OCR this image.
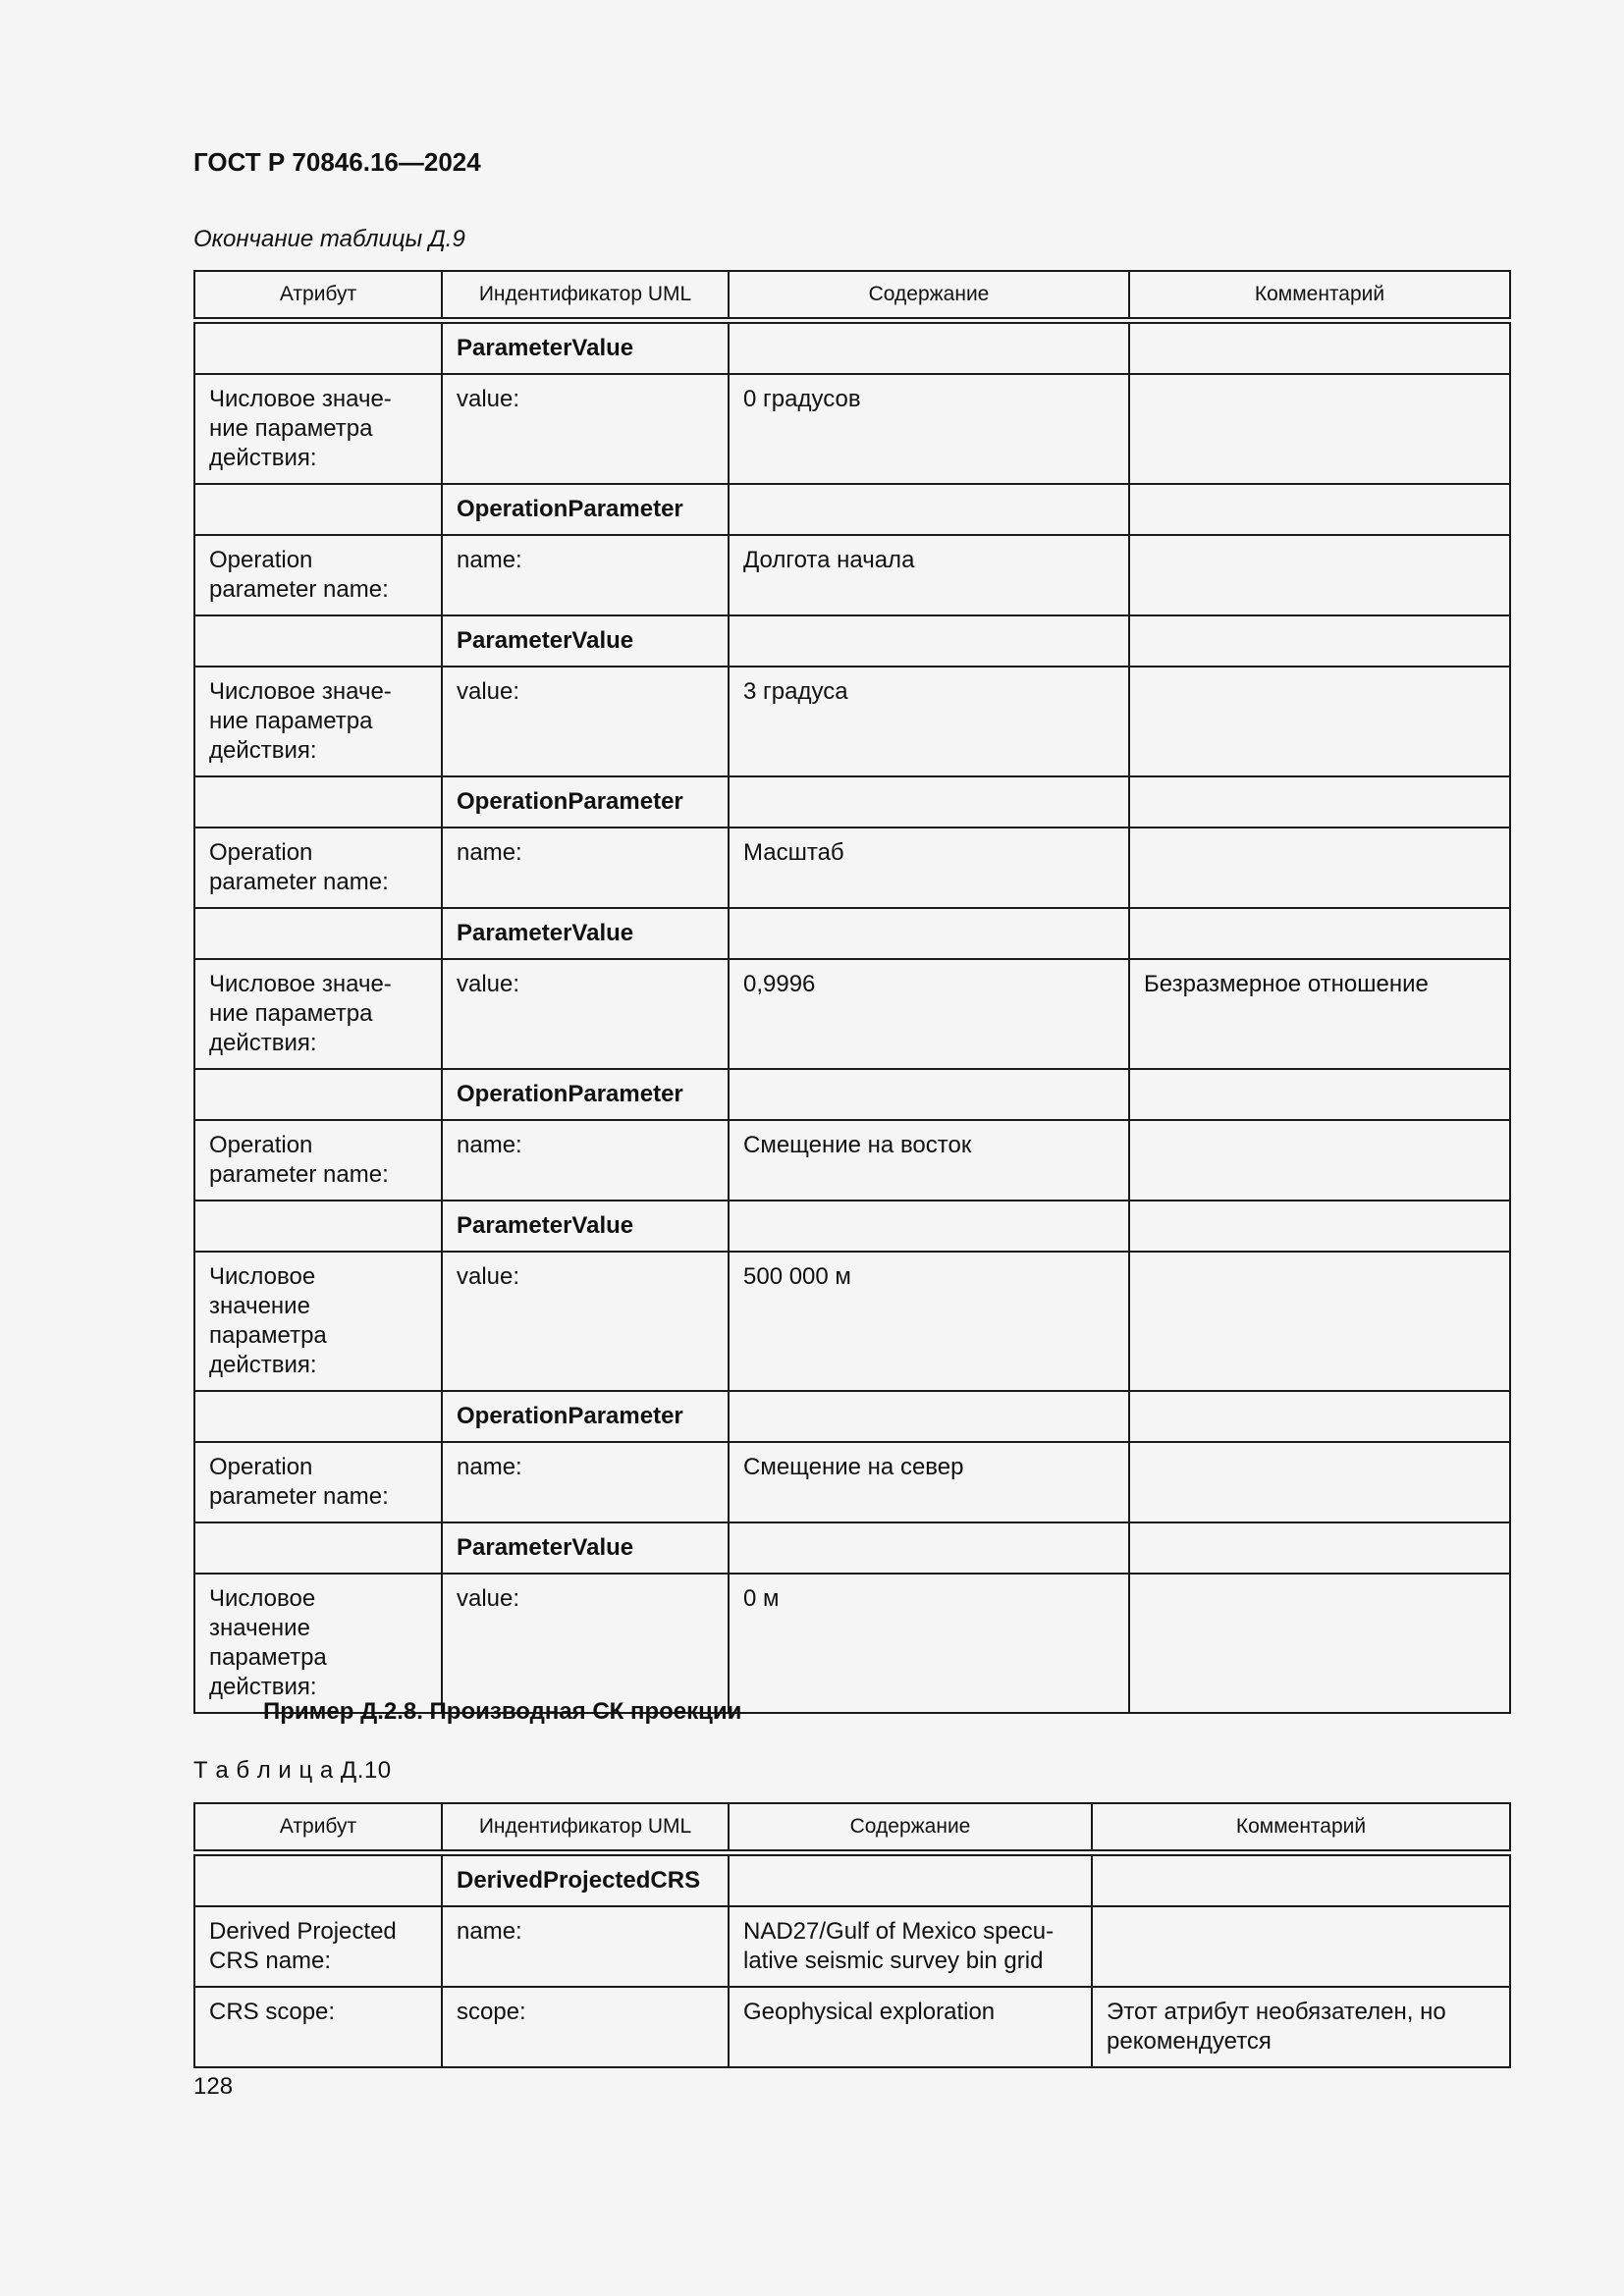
ГОСТ Р 70846.16—2024
Окончание таблицы Д.9
Атрибут	Индентификатор UML	Содержание	Комментарий
	ParameterValue		
Числовое значе-
ние параметра
действия:	value:	0 градусов	
	OperationParameter		
Operation
parameter name:	name:	Долгота начала	
	ParameterValue		
Числовое значе-
ние параметра
действия:	value:	3 градуса	
	OperationParameter		
Operation
parameter name:	name:	Масштаб	
	ParameterValue		
Числовое значе-
ние параметра
действия:	value:	0,9996	Безразмерное отношение
	OperationParameter		
Operation
parameter name:	name:	Смещение на восток	
	ParameterValue		
Числовое
значение
параметра
действия:	value:	500 000 м	
	OperationParameter		
Operation
parameter name:	name:	Смещение на север	
	ParameterValue		
Числовое
значение
параметра
действия:	value:	0 м	
Пример Д.2.8. Производная СК проекции
Т а б л и ц а Д.10
Атрибут	Индентификатор UML	Содержание	Комментарий
	DerivedProjectedCRS		
Derived Projected
CRS name:	name:	NAD27/Gulf of Mexico specu-
lative seismic survey bin grid	
CRS scope:	scope:	Geophysical exploration	Этот атрибут необязателен, но рекомендуется
128
